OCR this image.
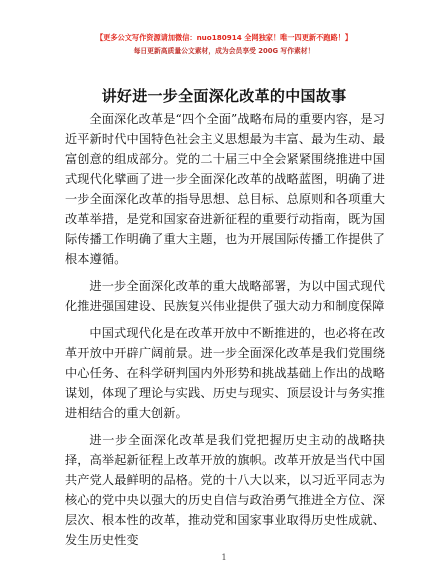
【更多公文写作资源请加微信：nuo180914 全网独家！唯一四更新不跑路！】
每日更新高质量公文素材，成为会员享受 200G 写作素材！
讲好进一步全面深化改革的中国故事

全面深化改革是“四个全面”战略布局的重要内容，是习近平新时代中国特色社会主义思想最为丰富、最为生动、最富创意的组成部分。党的二十届三中全会紧紧围绕推进中国式现代化擘画了进一步全面深化改革的战略蓝图，明确了进一步全面深化改革的指导思想、总目标、总原则和各项重大改革举措，是党和国家奋进新征程的重要行动指南，既为国际传播工作明确了重大主题，也为开展国际传播工作提供了根本遵循。

进一步全面深化改革的重大战略部署，为以中国式现代化推进强国建设、民族复兴伟业提供了强大动力和制度保障

中国式现代化是在改革开放中不断推进的，也必将在改革开放中开辟广阔前景。进一步全面深化改革是我们党围绕中心任务、在科学研判国内外形势和挑战基础上作出的战略谋划，体现了理论与实践、历史与现实、顶层设计与务实推进相结合的重大创新。

进一步全面深化改革是我们党把握历史主动的战略抉择，高举起新征程上改革开放的旗帜。改革开放是当代中国共产党人最鲜明的品格。党的十八大以来，以习近平同志为核心的党中央以强大的历史自信与政治勇气推进全方位、深层次、根本性的改革，推动党和国家事业取得历史性成就、发生历史性变

1
